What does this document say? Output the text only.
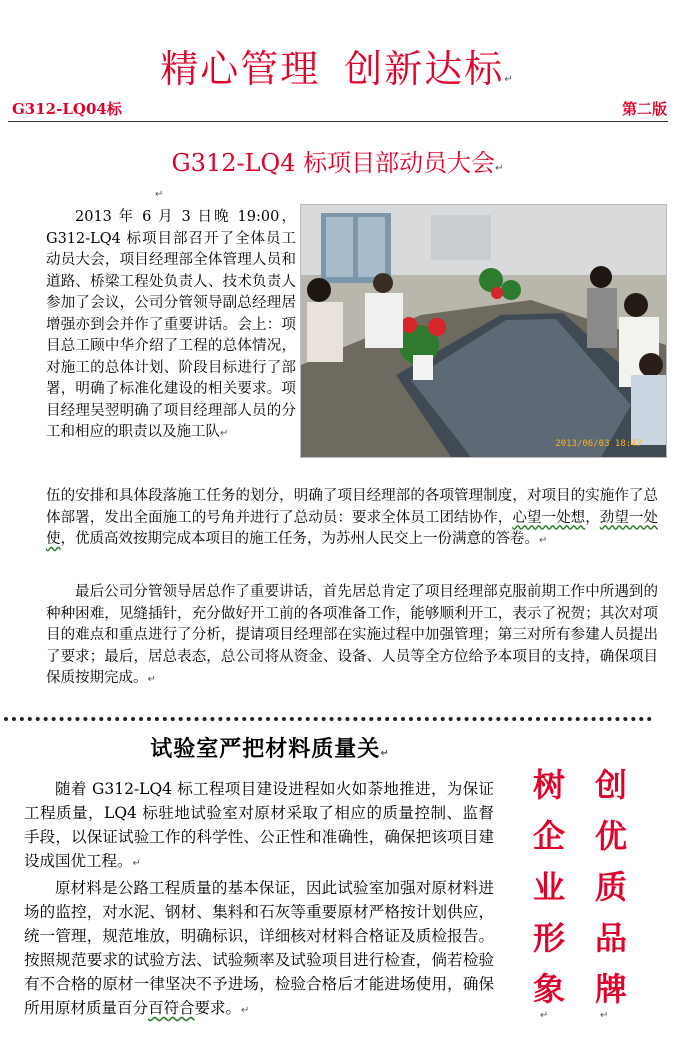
精心管理 创新达标↵
G312-LQ04标	第二版
G312-LQ4 标项目部动员大会↵
↵
2013 年 6 月 3 日晚 19:00，G312-LQ4 标项目部召开了全体员工动员大会，项目经理部全体管理人员和道路、桥梁工程处负责人、技术负责人参加了会议，公司分管领导副总经理居增强亦到会并作了重要讲话。会上：项目总工顾中华介绍了工程的总体情况，对施工的总体计划、阶段目标进行了部署，明确了标准化建设的相关要求。项目经理吴翌明确了项目经理部人员的分工和相应的职责以及施工队↵
2013/06/03 18:47
伍的安排和具体段落施工任务的划分，明确了项目经理部的各项管理制度，对项目的实施作了总体部署，发出全面施工的号角并进行了总动员：要求全体员工团结协作，心望一处想，劲望一处使，优质高效按期完成本项目的施工任务，为苏州人民交上一份满意的答卷。↵
最后公司分管领导居总作了重要讲话，首先居总肯定了项目经理部克服前期工作中所遇到的种种困难，见缝插针，充分做好开工前的各项准备工作，能够顺利开工，表示了祝贺；其次对项目的难点和重点进行了分析，提请项目经理部在实施过程中加强管理；第三对所有参建人员提出了要求；最后，居总表态，总公司将从资金、设备、人员等全方位给予本项目的支持，确保项目保质按期完成。↵
试验室严把材料质量关↵
随着 G312-LQ4 标工程项目建设进程如火如荼地推进，为保证工程质量，LQ4 标驻地试验室对原材采取了相应的质量控制、监督手段，以保证试验工作的科学性、公正性和准确性，确保把该项目建设成国优工程。↵
原材料是公路工程质量的基本保证，因此试验室加强对原材料进场的监控，对水泥、钢材、集料和石灰等重要原材严格按计划供应，统一管理，规范堆放，明确标识，详细核对材料合格证及质检报告。按照规范要求的试验方法、试验频率及试验项目进行检查，倘若检验有不合格的原材一律坚决不予进场，检验合格后才能进场使用，确保所用原材质量百分百符合要求。↵
树
企
业
形
象
创
优
质
品
牌
↵	↵
